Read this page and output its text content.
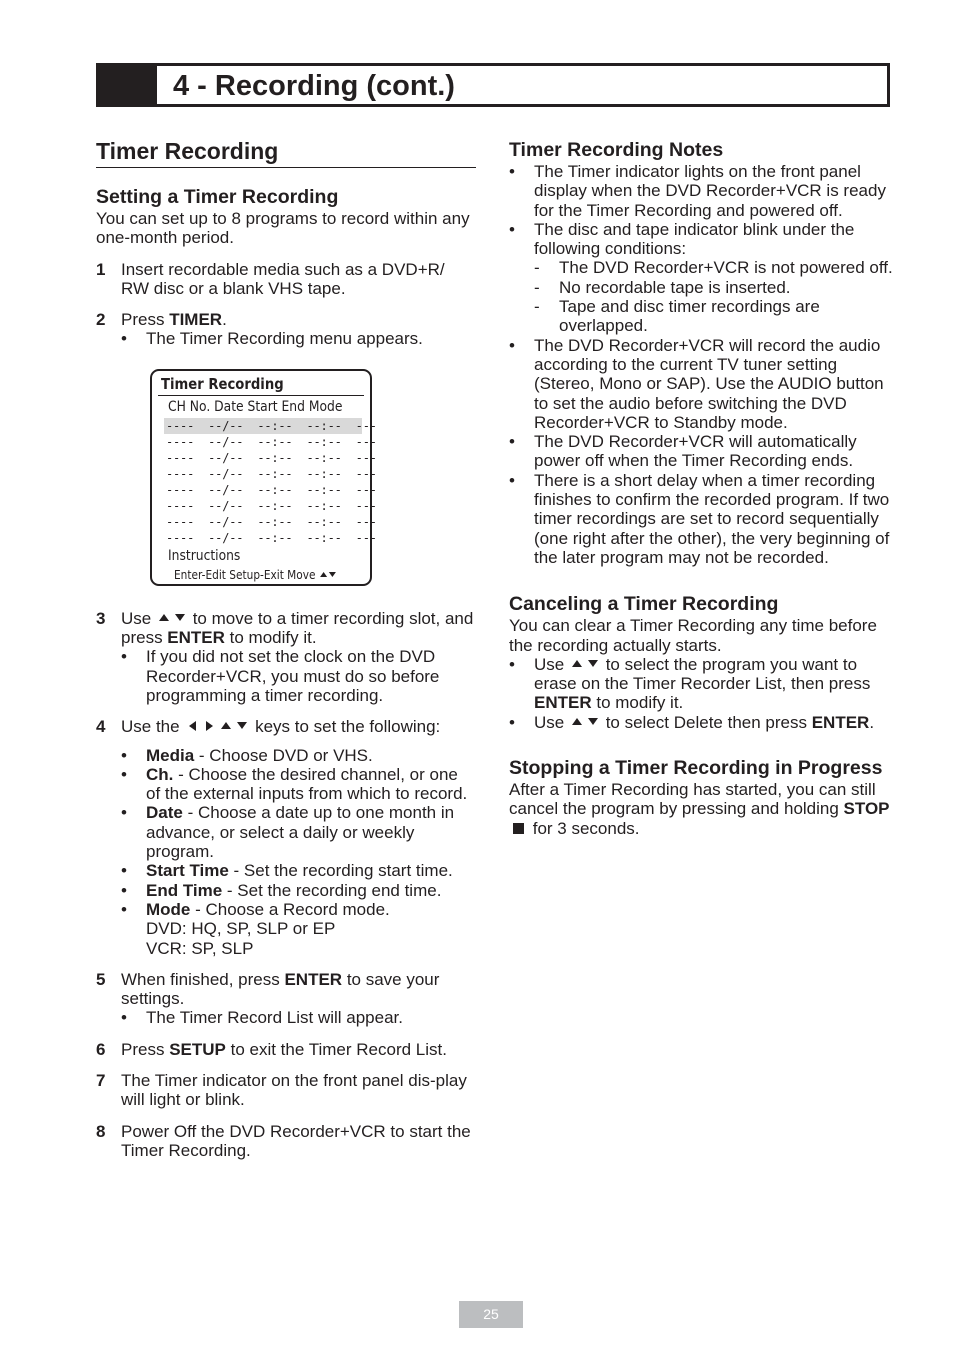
4 - Recording (cont.)
Timer Recording
Setting a Timer Recording
You can set up to 8 programs to record within any one-month period.
1 Insert recordable media such as a DVD+R/ RW disc or a blank VHS tape.
2 Press TIMER.
• The Timer Recording menu appears.
Timer Recording
CH No. Date Start End Mode
----  --/--  --:--  --:--  ---
----  --/--  --:--  --:--  ---
----  --/--  --:--  --:--  ---
----  --/--  --:--  --:--  ---
----  --/--  --:--  --:--  ---
----  --/--  --:--  --:--  ---
----  --/--  --:--  --:--  ---
----  --/--  --:--  --:--  ---
Instructions
Enter-Edit Setup-Exit Move
3 Use to move to a timer recording slot, and press ENTER to modify it.
• If you did not set the clock on the DVD Recorder+VCR, you must do so before programming a timer recording.
4 Use the	keys to set the following:
• Media - Choose DVD or VHS.
• Ch. - Choose the desired channel, or one of the external inputs from which to record.
• Date - Choose a date up to one month in advance, or select a daily or weekly program.
• Start Time - Set the recording start time.
• End Time - Set the recording end time.
• Mode - Choose a Record mode.
DVD: HQ, SP, SLP or EP
VCR: SP, SLP
5 When finished, press ENTER to save your settings.
• The Timer Record List will appear.
6 Press SETUP to exit the Timer Record List.
7 The Timer indicator on the front panel dis-play will light or blink.
8 Power Off the DVD Recorder+VCR to start the Timer Recording.
Timer Recording Notes
• The Timer indicator lights on the front panel display when the DVD Recorder+VCR is ready for the Timer Recording and powered off.
• The disc and tape indicator blink under the following conditions:
- The DVD Recorder+VCR is not powered off.
- No recordable tape is inserted.
- Tape and disc timer recordings are overlapped.
• The DVD Recorder+VCR will record the audio according to the current TV tuner setting (Stereo, Mono or SAP). Use the AUDIO button to set the audio before switching the DVD Recorder+VCR to Standby mode.
• The DVD Recorder+VCR will automatically power off when the Timer Recording ends.
• There is a short delay when a timer recording finishes to confirm the recorded program. If two timer recordings are set to record sequentially (one right after the other), the very beginning of the later program may not be recorded.
Canceling a Timer Recording
You can clear a Timer Recording any time before the recording actually starts.
• Use to select the program you want to erase on the Timer Recorder List, then press ENTER to modify it.
• Use to select Delete then press ENTER.
Stopping a Timer Recording in Progress
After a Timer Recording has started, you can still cancel the program by pressing and holding STOP for 3 seconds.
25
